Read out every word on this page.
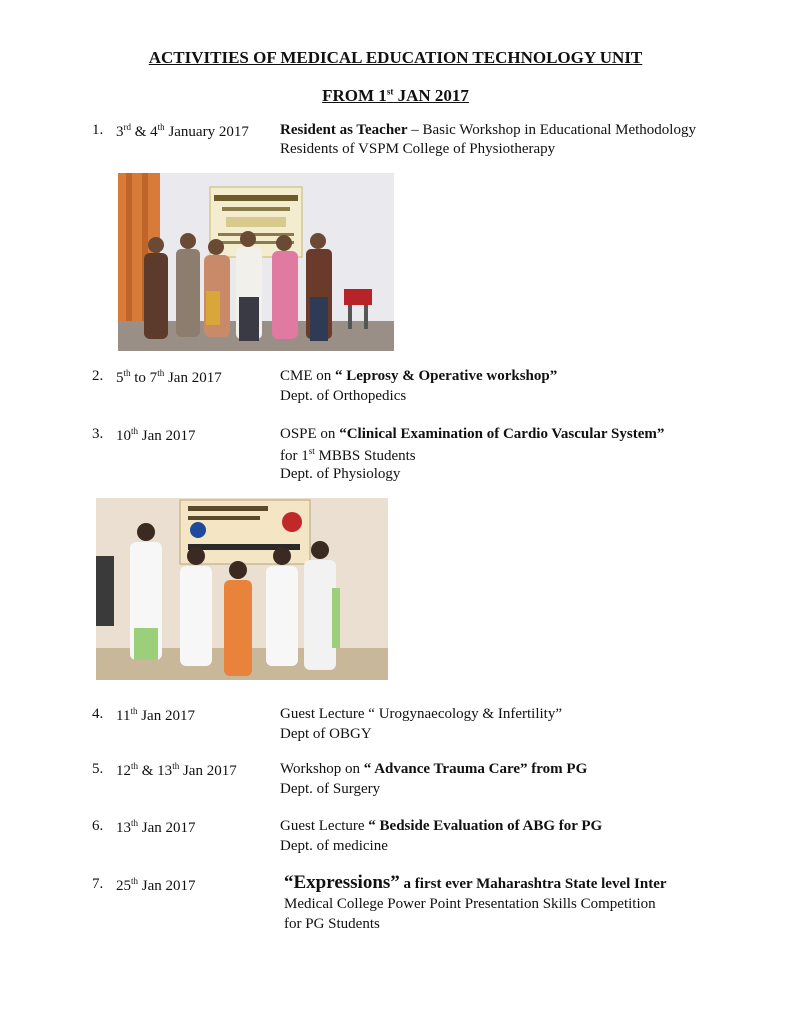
ACTIVITIES OF MEDICAL EDUCATION TECHNOLOGY UNIT
FROM 1st JAN 2017
1. 3rd & 4th January 2017 Resident as Teacher – Basic Workshop in Educational Methodology
Residents of VSPM College of Physiotherapy
2. 5th to 7th Jan 2017	CME on “ Leprosy & Operative workshop”
Dept. of Orthopedics
3. 10th Jan 2017	OSPE on “Clinical Examination of Cardio Vascular System”
for 1st MBBS Students
Dept. of Physiology
4. 11th Jan 2017	Guest Lecture “ Urogynaecology & Infertility”
Dept of OBGY
5. 12th & 13th Jan 2017	Workshop on “ Advance Trauma Care” from PG
Dept. of Surgery
6. 13th Jan 2017	Guest Lecture “ Bedside Evaluation of ABG for PG
Dept. of medicine
7. 25th Jan 2017	“Expressions” a first ever Maharashtra State level Inter
Medical College Power Point Presentation Skills Competition
for PG Students
